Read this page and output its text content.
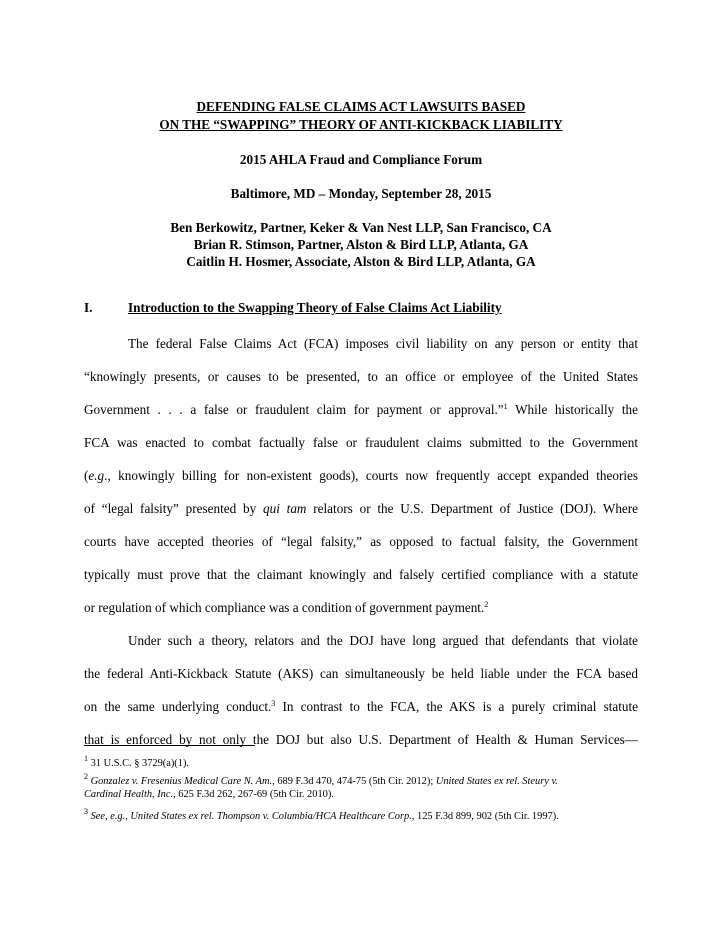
DEFENDING FALSE CLAIMS ACT LAWSUITS BASED
ON THE “SWAPPING” THEORY OF ANTI-KICKBACK LIABILITY
2015 AHLA Fraud and Compliance Forum
Baltimore, MD – Monday, September 28, 2015
Ben Berkowitz, Partner, Keker & Van Nest LLP, San Francisco, CA
Brian R. Stimson, Partner, Alston & Bird LLP, Atlanta, GA
Caitlin H. Hosmer, Associate, Alston & Bird LLP, Atlanta, GA
I.	Introduction to the Swapping Theory of False Claims Act Liability
The federal False Claims Act (FCA) imposes civil liability on any person or entity that
“knowingly presents, or causes to be presented, to an office or employee of the United States
Government . . . a false or fraudulent claim for payment or approval.”$^1$ While historically the
FCA was enacted to combat factually false or fraudulent claims submitted to the Government
(e.g., knowingly billing for non-existent goods), courts now frequently accept expanded theories
of “legal falsity” presented by qui tam relators or the U.S. Department of Justice (DOJ). Where
courts have accepted theories of “legal falsity,” as opposed to factual falsity, the Government
typically must prove that the claimant knowingly and falsely certified compliance with a statute
or regulation of which compliance was a condition of government payment.$^2$
Under such a theory, relators and the DOJ have long argued that defendants that violate
the federal Anti-Kickback Statute (AKS) can simultaneously be held liable under the FCA based
on the same underlying conduct.$^3$ In contrast to the FCA, the AKS is a purely criminal statute
that is enforced by not only the DOJ but also U.S. Department of Health & Human Services—
$^1$ 31 U.S.C. § 3729(a)(1).
$^2$ Gonzalez v. Fresenius Medical Care N. Am., 689 F.3d 470, 474-75 (5th Cir. 2012); United States ex rel. Steury v.
Cardinal Health, Inc., 625 F.3d 262, 267-69 (5th Cir. 2010).
$^3$ See, e.g., United States ex rel. Thompson v. Columbia/HCA Healthcare Corp., 125 F.3d 899, 902 (5th Cir. 1997).
